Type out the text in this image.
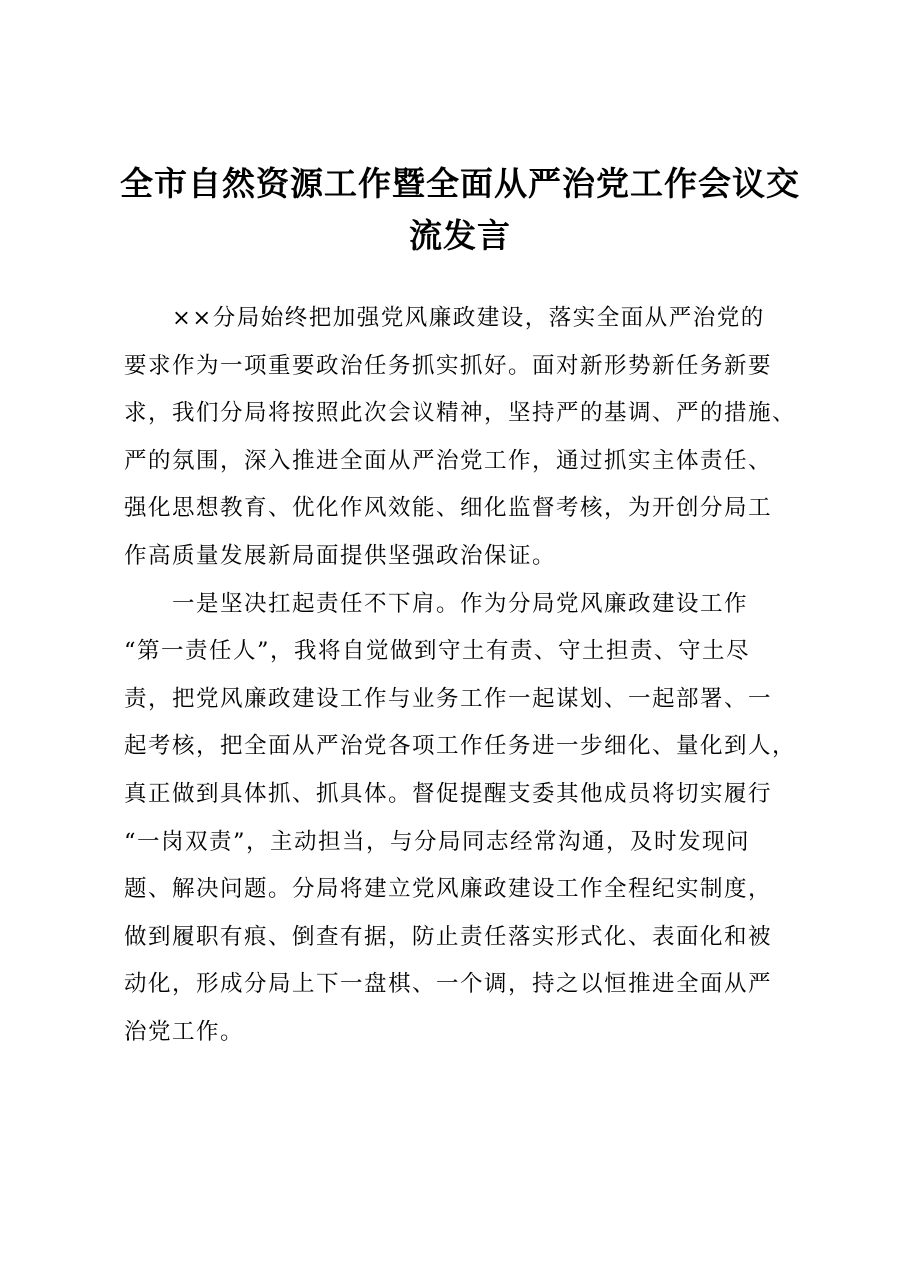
全市自然资源工作暨全面从严治党工作会议交
流发言

××分局始终把加强党风廉政建设，落实全面从严治党的
要求作为一项重要政治任务抓实抓好。面对新形势新任务新要
求，我们分局将按照此次会议精神，坚持严的基调、严的措施、
严的氛围，深入推进全面从严治党工作，通过抓实主体责任、
强化思想教育、优化作风效能、细化监督考核，为开创分局工
作高质量发展新局面提供坚强政治保证。

一是坚决扛起责任不下肩。作为分局党风廉政建设工作
“第一责任人”，我将自觉做到守土有责、守土担责、守土尽
责，把党风廉政建设工作与业务工作一起谋划、一起部署、一
起考核，把全面从严治党各项工作任务进一步细化、量化到人，
真正做到具体抓、抓具体。督促提醒支委其他成员将切实履行
“一岗双责”，主动担当，与分局同志经常沟通，及时发现问
题、解决问题。分局将建立党风廉政建设工作全程纪实制度，
做到履职有痕、倒查有据，防止责任落实形式化、表面化和被
动化，形成分局上下一盘棋、一个调，持之以恒推进全面从严
治党工作。
